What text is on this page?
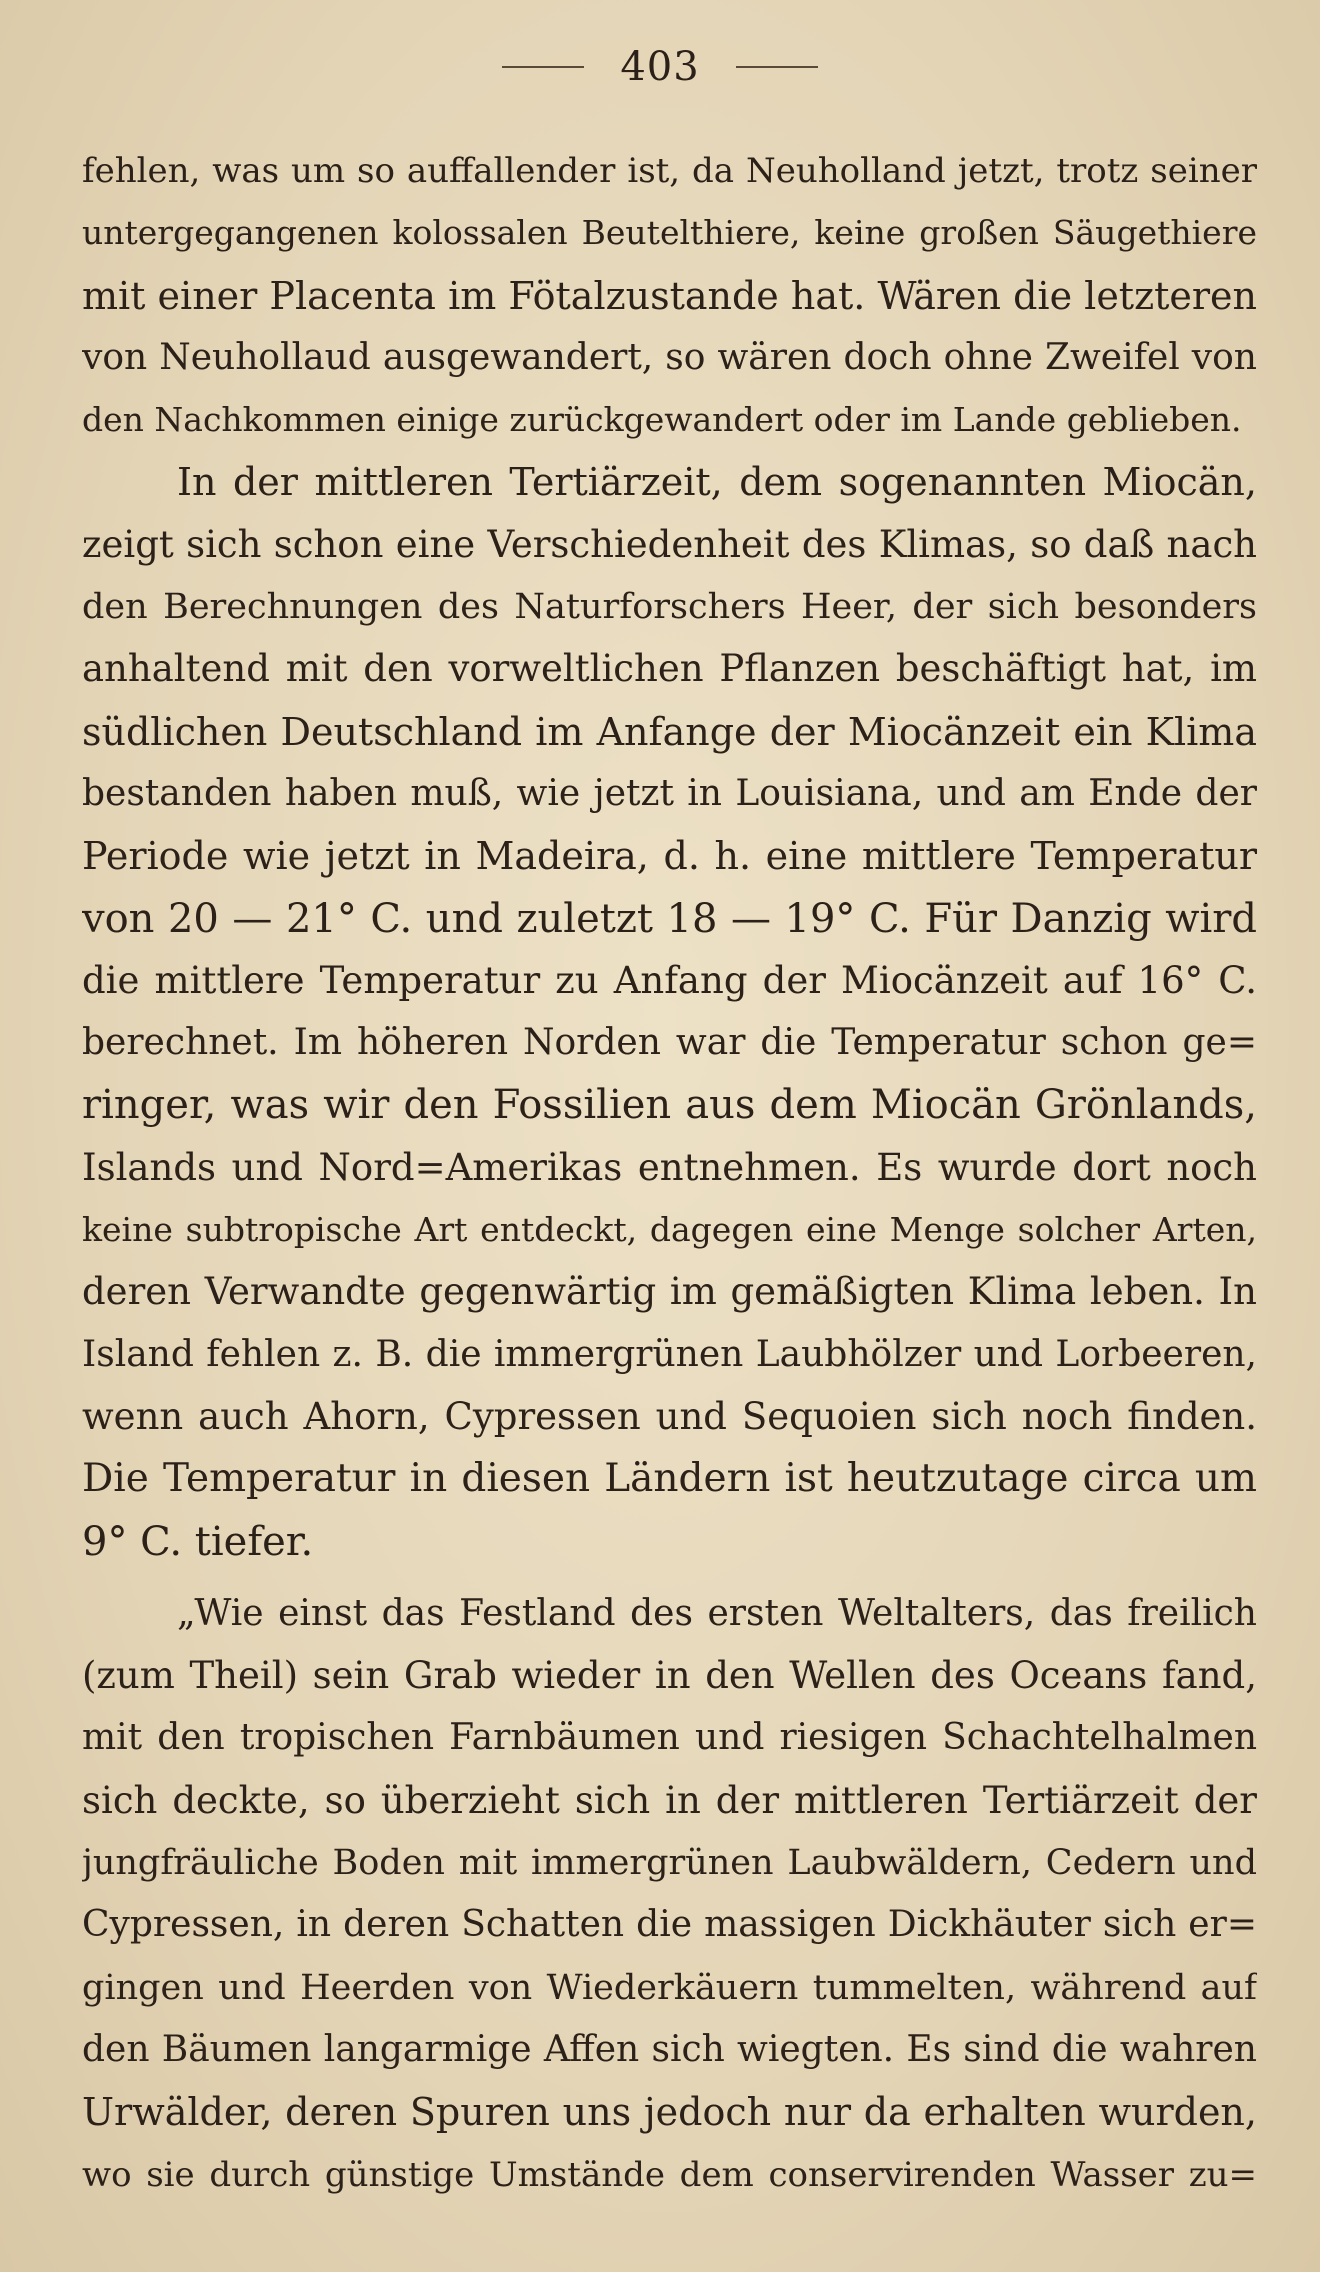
403
fehlen, was um so auffallender ist, da Neuholland jetzt, trotz seiner
untergegangenen kolossalen Beutelthiere, keine großen Säugethiere
mit einer Placenta im Fötalzustande hat. Wären die letzteren
von Neuhollaud ausgewandert, so wären doch ohne Zweifel von
den Nachkommen einige zurückgewandert oder im Lande geblieben.
In der mittleren Tertiärzeit, dem sogenannten Miocän,
zeigt sich schon eine Verschiedenheit des Klimas, so daß nach
den Berechnungen des Naturforschers Heer, der sich besonders
anhaltend mit den vorweltlichen Pflanzen beschäftigt hat, im
südlichen Deutschland im Anfange der Miocänzeit ein Klima
bestanden haben muß, wie jetzt in Louisiana, und am Ende der
Periode wie jetzt in Madeira, d. h. eine mittlere Temperatur
von 20 — 21° C. und zuletzt 18 — 19° C. Für Danzig wird
die mittlere Temperatur zu Anfang der Miocänzeit auf 16° C.
berechnet. Im höheren Norden war die Temperatur schon ge=
ringer, was wir den Fossilien aus dem Miocän Grönlands,
Islands und Nord=Amerikas entnehmen. Es wurde dort noch
keine subtropische Art entdeckt, dagegen eine Menge solcher Arten,
deren Verwandte gegenwärtig im gemäßigten Klima leben. In
Island fehlen z. B. die immergrünen Laubhölzer und Lorbeeren,
wenn auch Ahorn, Cypressen und Sequoien sich noch finden.
Die Temperatur in diesen Ländern ist heutzutage circa um
9° C. tiefer.
„Wie einst das Festland des ersten Weltalters, das freilich
(zum Theil) sein Grab wieder in den Wellen des Oceans fand,
mit den tropischen Farnbäumen und riesigen Schachtelhalmen
sich deckte, so überzieht sich in der mittleren Tertiärzeit der
jungfräuliche Boden mit immergrünen Laubwäldern, Cedern und
Cypressen, in deren Schatten die massigen Dickhäuter sich er=
gingen und Heerden von Wiederkäuern tummelten, während auf
den Bäumen langarmige Affen sich wiegten. Es sind die wahren
Urwälder, deren Spuren uns jedoch nur da erhalten wurden,
wo sie durch günstige Umstände dem conservirenden Wasser zu=
